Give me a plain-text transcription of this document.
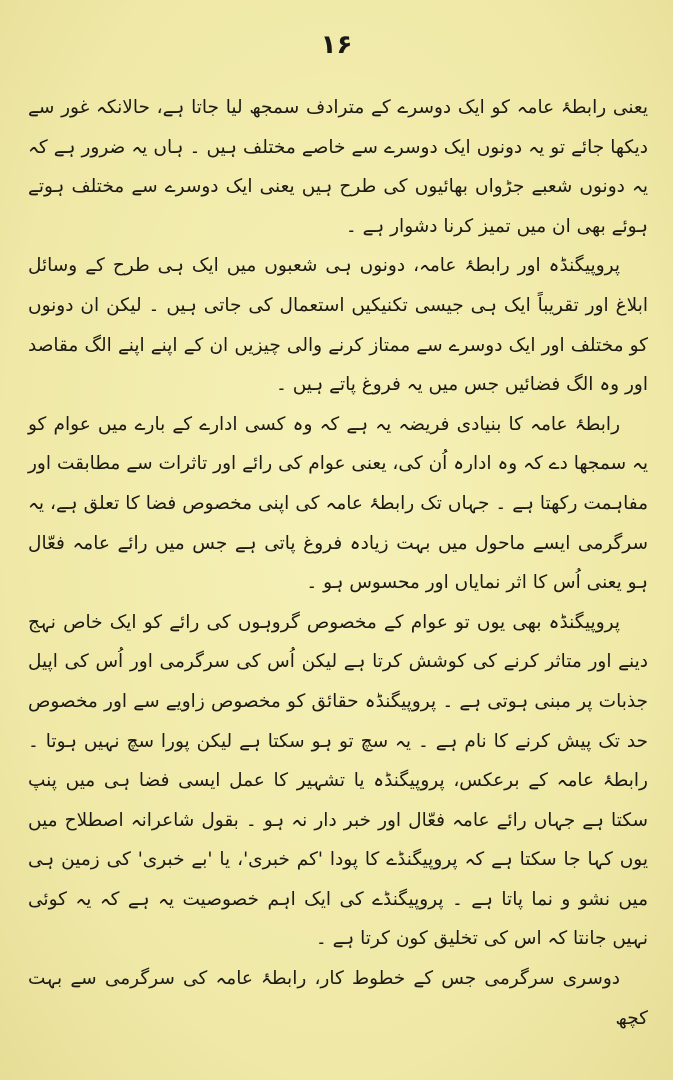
۱۶

یعنی رابطۂ عامہ کو ایک دوسرے کے مترادف سمجھ لیا جاتا ہے، حالانکہ غور سے دیکھا جائے تو یہ دونوں ایک دوسرے سے خاصے مختلف ہیں ۔ ہاں یہ ضرور ہے کہ یہ دونوں شعبے جڑواں بھائیوں کی طرح ہیں یعنی ایک دوسرے سے مختلف ہوتے ہوئے بھی ان میں تمیز کرنا دشوار ہے ۔

پروپیگنڈہ اور رابطۂ عامہ، دونوں ہی شعبوں میں ایک ہی طرح کے وسائل ابلاغ اور تقریباً ایک ہی جیسی تکنیکیں استعمال کی جاتی ہیں ۔ لیکن ان دونوں کو مختلف اور ایک دوسرے سے ممتاز کرنے والی چیزیں ان کے اپنے اپنے الگ مقاصد اور وہ الگ فضائیں جس میں یہ فروغ پاتے ہیں ۔

رابطۂ عامہ کا بنیادی فریضہ یہ ہے کہ وہ کسی ادارے کے بارے میں عوام کو یہ سمجھا دے کہ وہ ادارہ اُن کی، یعنی عوام کی رائے اور تاثرات سے مطابقت اور مفاہمت رکھتا ہے ۔ جہاں تک رابطۂ عامہ کی اپنی مخصوص فضا کا تعلق ہے، یہ سرگرمی ایسے ماحول میں بہت زیادہ فروغ پاتی ہے جس میں رائے عامہ فعّال ہو یعنی اُس کا اثر نمایاں اور محسوس ہو ۔

پروپیگنڈہ بھی یوں تو عوام کے مخصوص گروہوں کی رائے کو ایک خاص نہج دینے اور متاثر کرنے کی کوشش کرتا ہے لیکن اُس کی سرگرمی اور اُس کی اپیل جذبات پر مبنی ہوتی ہے ۔ پروپیگنڈہ حقائق کو مخصوص زاویے سے اور مخصوص حد تک پیش کرنے کا نام ہے ۔ یہ سچ تو ہو سکتا ہے لیکن پورا سچ نہیں ہوتا ۔ رابطۂ عامہ کے برعکس، پروپیگنڈہ یا تشہیر کا عمل ایسی فضا ہی میں پنپ سکتا ہے جہاں رائے عامہ فعّال اور خبر دار نہ ہو ۔ بقول شاعرانہ اصطلاح میں یوں کہا جا سکتا ہے کہ پروپیگنڈے کا پودا 'کم خبری'، یا 'بے خبری' کی زمین ہی میں نشو و نما پاتا ہے ۔ پروپیگنڈے کی ایک اہم خصوصیت یہ ہے کہ یہ کوئی نہیں جانتا کہ اس کی تخلیق کون کرتا ہے ۔

دوسری سرگرمی جس کے خطوط کار، رابطۂ عامہ کی سرگرمی سے بہت کچھ
